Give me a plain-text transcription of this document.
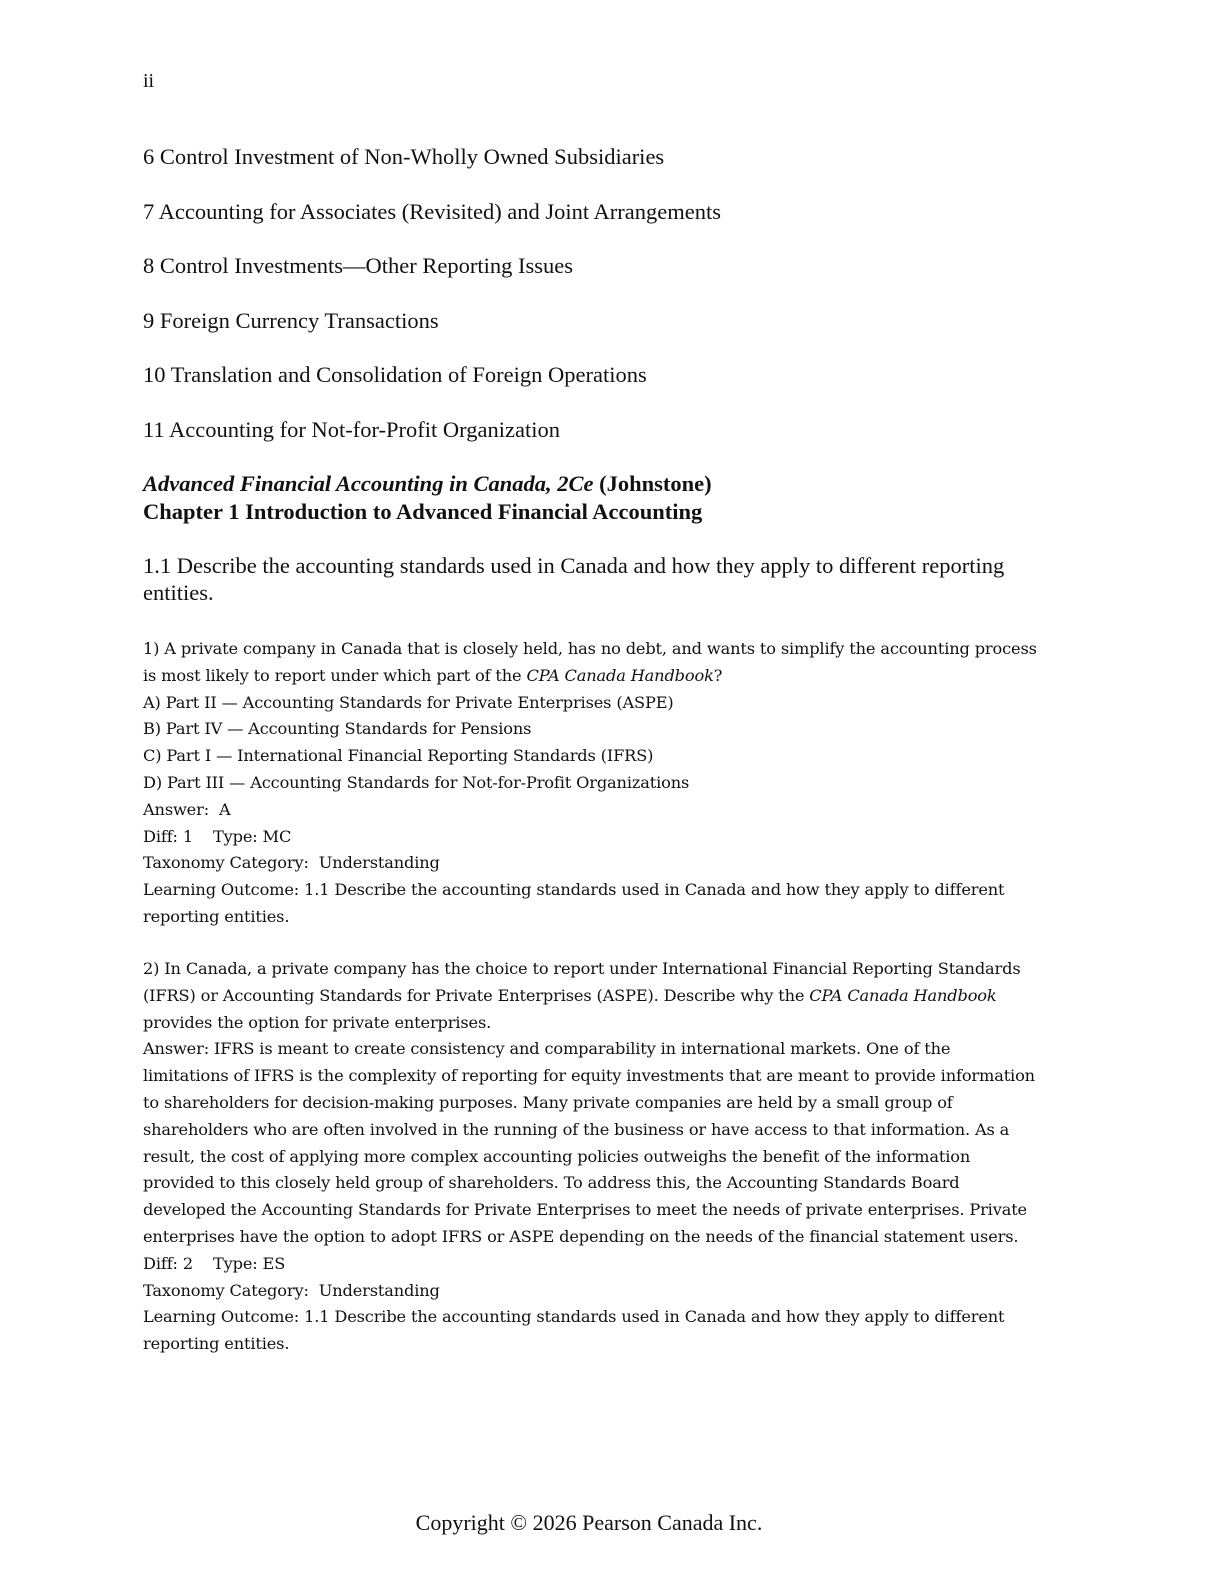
ii
6 Control Investment of Non-Wholly Owned Subsidiaries
7 Accounting for Associates (Revisited) and Joint Arrangements
8 Control Investments—Other Reporting Issues
9 Foreign Currency Transactions
10 Translation and Consolidation of Foreign Operations
11 Accounting for Not-for-Profit Organization
Advanced Financial Accounting in Canada, 2Ce (Johnstone)
Chapter 1 Introduction to Advanced Financial Accounting
1.1 Describe the accounting standards used in Canada and how they apply to different reporting entities.
1) A private company in Canada that is closely held, has no debt, and wants to simplify the accounting process is most likely to report under which part of the CPA Canada Handbook?
A) Part II — Accounting Standards for Private Enterprises (ASPE)
B) Part IV — Accounting Standards for Pensions
C) Part I — International Financial Reporting Standards (IFRS)
D) Part III — Accounting Standards for Not-for-Profit Organizations
Answer:  A
Diff: 1    Type: MC
Taxonomy Category:  Understanding
Learning Outcome: 1.1 Describe the accounting standards used in Canada and how they apply to different reporting entities.
2) In Canada, a private company has the choice to report under International Financial Reporting Standards (IFRS) or Accounting Standards for Private Enterprises (ASPE). Describe why the CPA Canada Handbook provides the option for private enterprises.
Answer: IFRS is meant to create consistency and comparability in international markets. One of the limitations of IFRS is the complexity of reporting for equity investments that are meant to provide information to shareholders for decision-making purposes. Many private companies are held by a small group of shareholders who are often involved in the running of the business or have access to that information. As a result, the cost of applying more complex accounting policies outweighs the benefit of the information provided to this closely held group of shareholders. To address this, the Accounting Standards Board developed the Accounting Standards for Private Enterprises to meet the needs of private enterprises. Private enterprises have the option to adopt IFRS or ASPE depending on the needs of the financial statement users.
Diff: 2    Type: ES
Taxonomy Category:  Understanding
Learning Outcome: 1.1 Describe the accounting standards used in Canada and how they apply to different reporting entities.
Copyright © 2026 Pearson Canada Inc.
